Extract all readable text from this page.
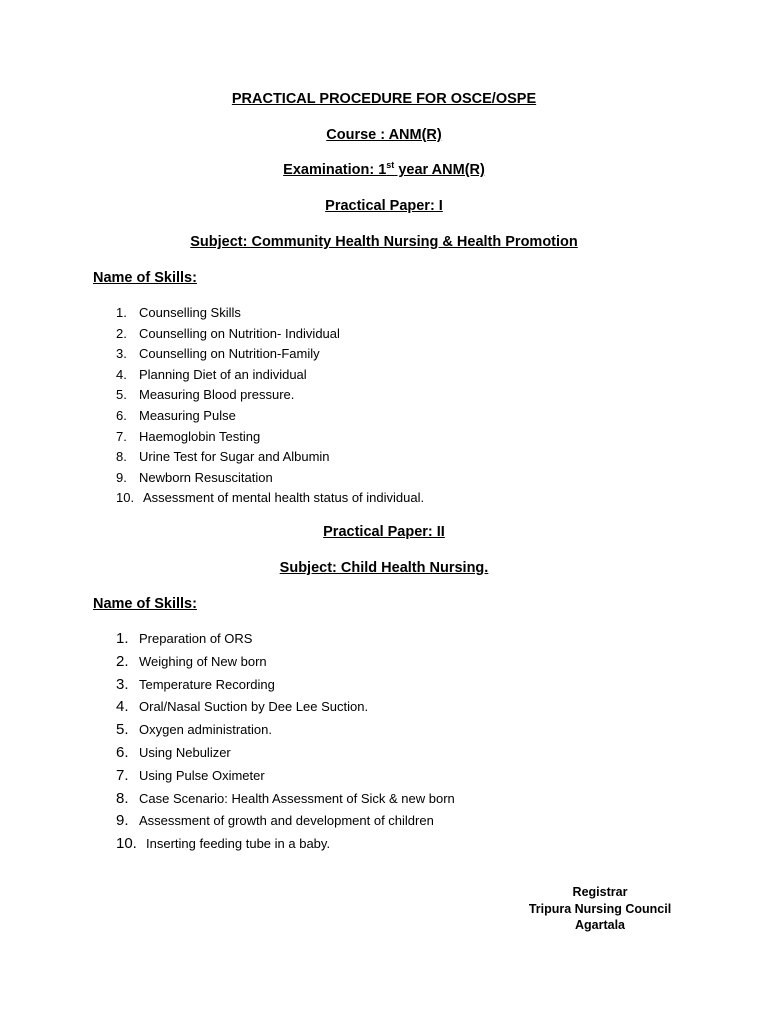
PRACTICAL PROCEDURE FOR OSCE/OSPE
Course : ANM(R)
Examination: 1st year ANM(R)
Practical Paper: I
Subject: Community Health Nursing & Health Promotion
Name of Skills:
1. Counselling Skills
2. Counselling on Nutrition- Individual
3. Counselling on Nutrition-Family
4. Planning Diet of an individual
5. Measuring Blood pressure.
6. Measuring Pulse
7. Haemoglobin Testing
8. Urine Test for Sugar and Albumin
9. Newborn Resuscitation
10. Assessment of mental health status of individual.
Practical Paper: II
Subject: Child Health Nursing.
Name of Skills:
1. Preparation of ORS
2. Weighing of New born
3. Temperature Recording
4. Oral/Nasal Suction by Dee Lee Suction.
5. Oxygen administration.
6. Using Nebulizer
7. Using Pulse Oximeter
8. Case Scenario: Health Assessment of Sick & new born
9. Assessment of growth and development of children
10. Inserting feeding tube in a baby.
Registrar
Tripura Nursing Council
Agartala
